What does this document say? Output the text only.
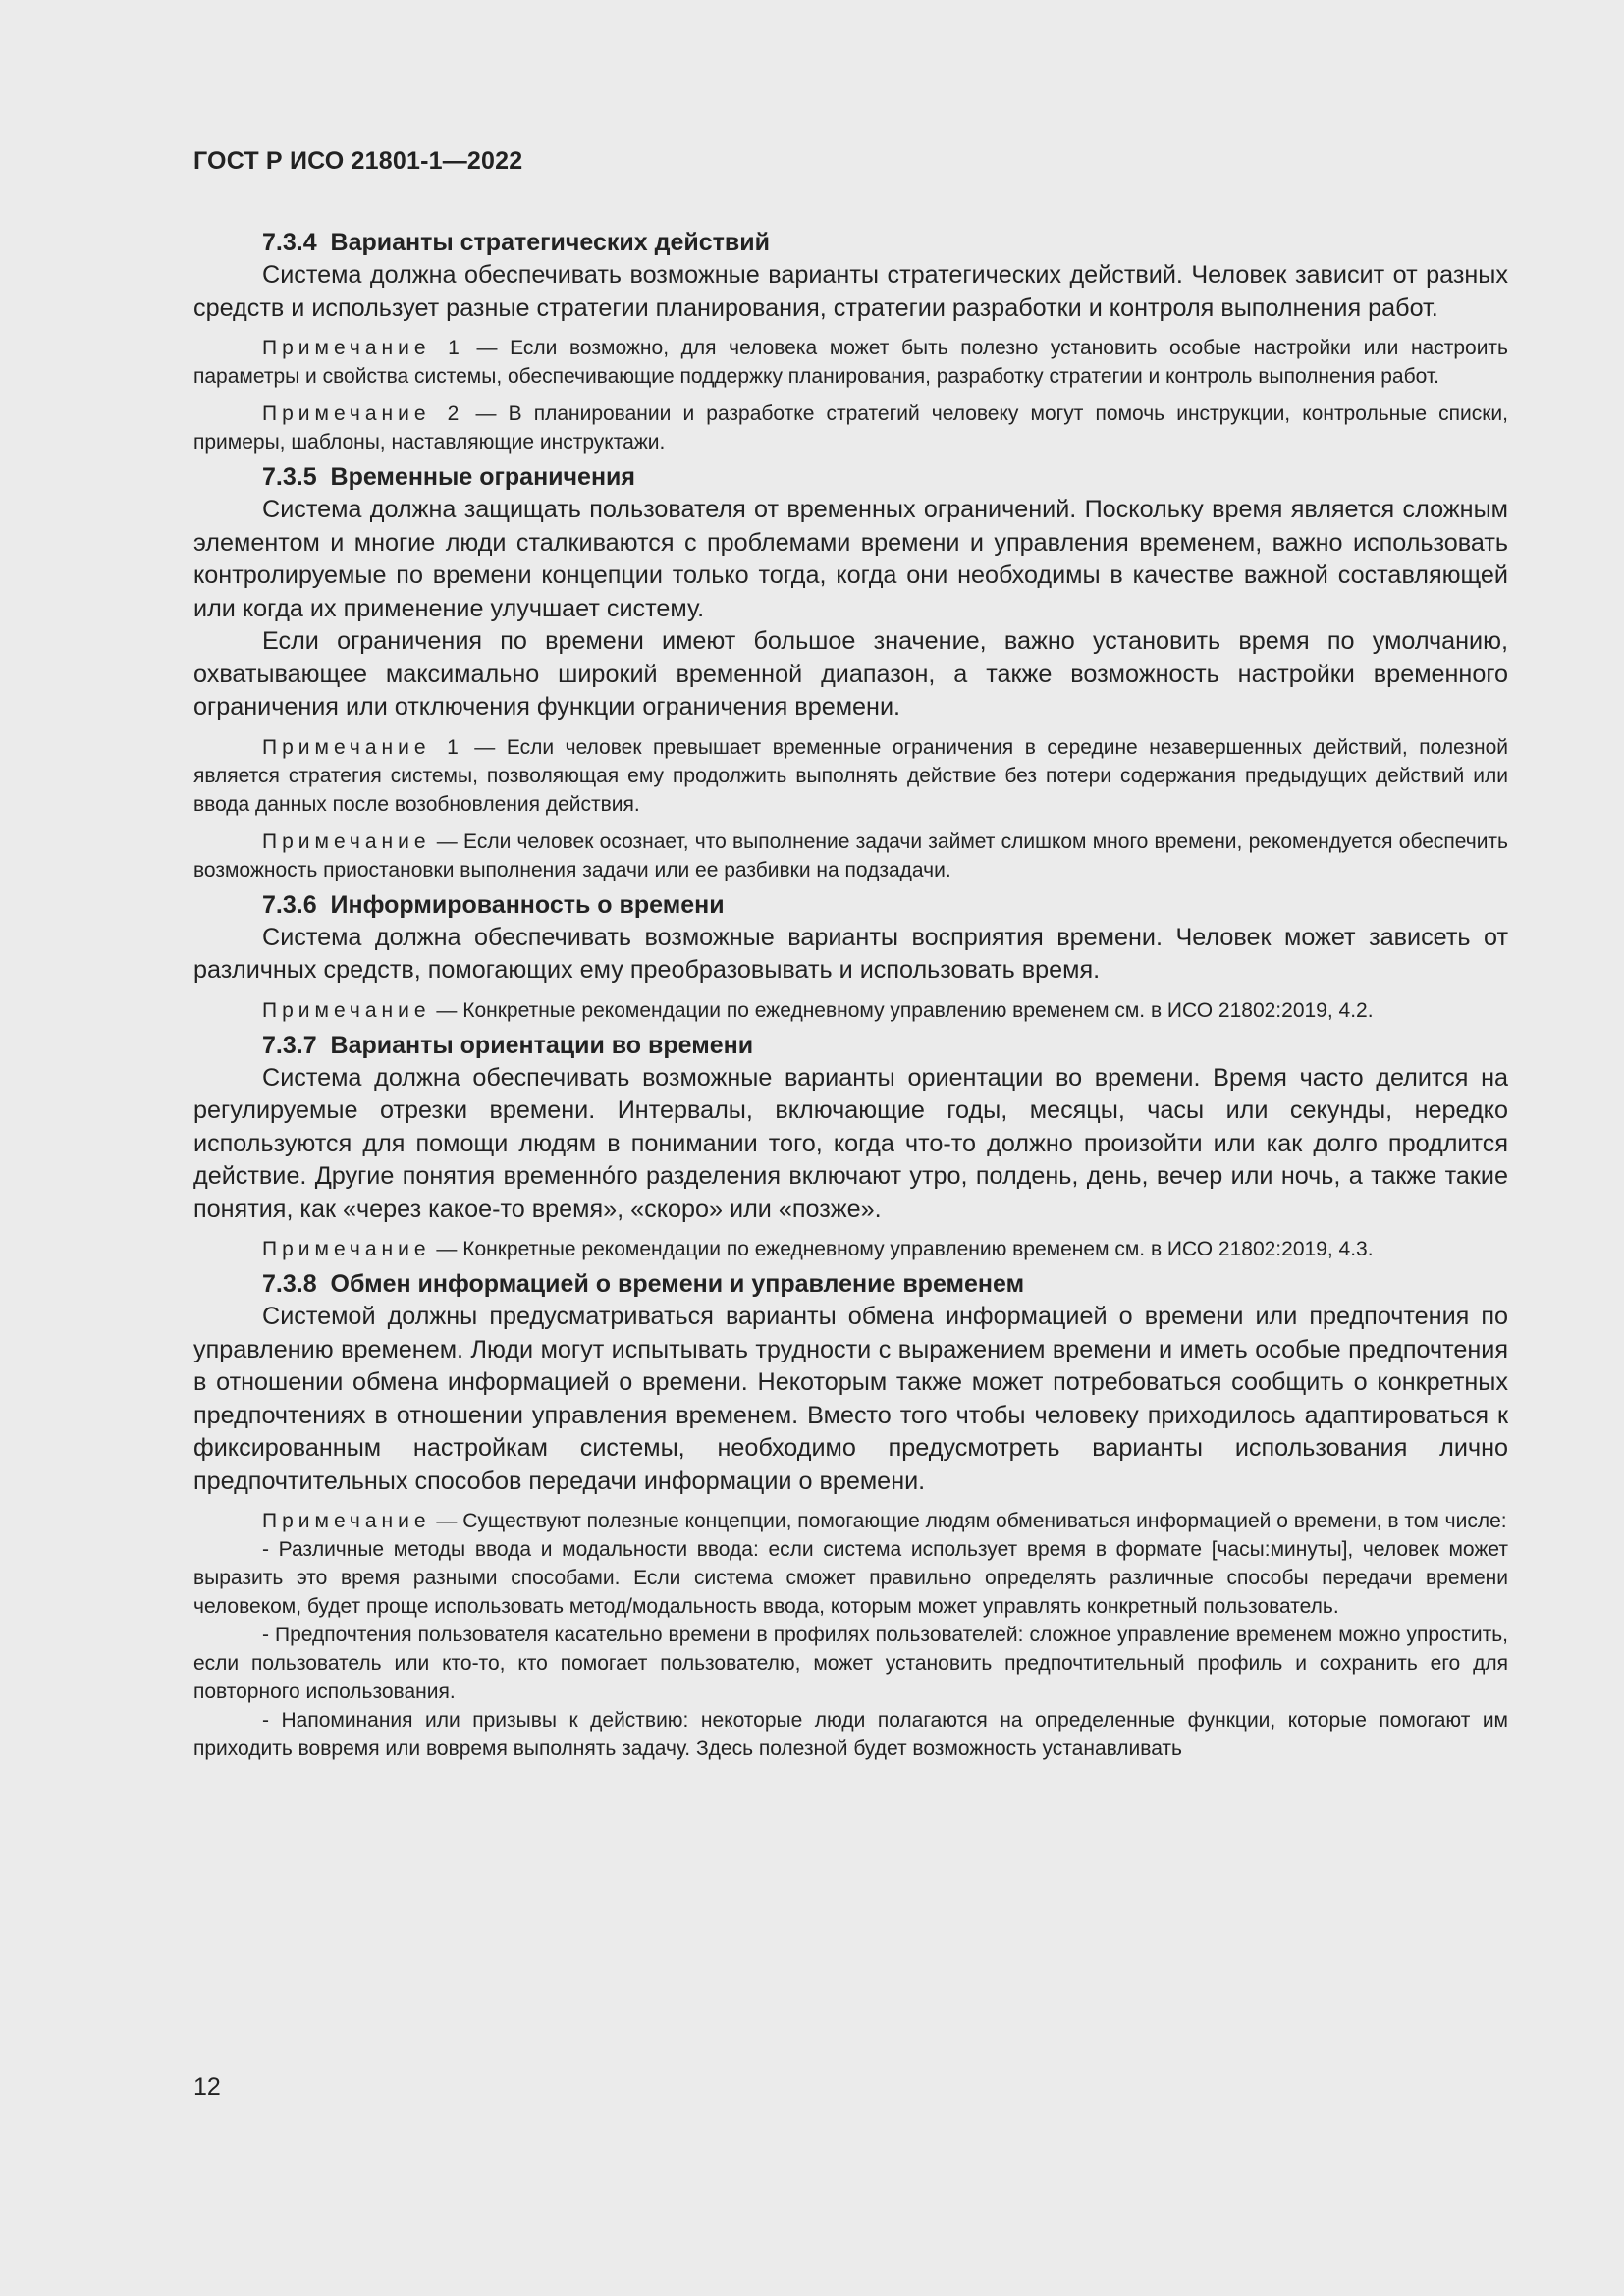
ГОСТ Р ИСО 21801-1—2022

7.3.4 Варианты стратегических действий

Система должна обеспечивать возможные варианты стратегических действий. Человек зависит от разных средств и использует разные стратегии планирования, стратегии разработки и контроля выполнения работ.

Примечание 1 — Если возможно, для человека может быть полезно установить особые настройки или настроить параметры и свойства системы, обеспечивающие поддержку планирования, разработку стратегии и контроль выполнения работ.

Примечание 2 — В планировании и разработке стратегий человеку могут помочь инструкции, контрольные списки, примеры, шаблоны, наставляющие инструктажи.

7.3.5 Временные ограничения

Система должна защищать пользователя от временных ограничений. Поскольку время является сложным элементом и многие люди сталкиваются с проблемами времени и управления временем, важно использовать контролируемые по времени концепции только тогда, когда они необходимы в качестве важной составляющей или когда их применение улучшает систему.

Если ограничения по времени имеют большое значение, важно установить время по умолчанию, охватывающее максимально широкий временной диапазон, а также возможность настройки временного ограничения или отключения функции ограничения времени.

Примечание 1 — Если человек превышает временные ограничения в середине незавершенных действий, полезной является стратегия системы, позволяющая ему продолжить выполнять действие без потери содержания предыдущих действий или ввода данных после возобновления действия.

Примечание — Если человек осознает, что выполнение задачи займет слишком много времени, рекомендуется обеспечить возможность приостановки выполнения задачи или ее разбивки на подзадачи.

7.3.6 Информированность о времени

Система должна обеспечивать возможные варианты восприятия времени. Человек может зависеть от различных средств, помогающих ему преобразовывать и использовать время.

Примечание — Конкретные рекомендации по ежедневному управлению временем см. в ИСО 21802:2019, 4.2.

7.3.7 Варианты ориентации во времени

Система должна обеспечивать возможные варианты ориентации во времени. Время часто делится на регулируемые отрезки времени. Интервалы, включающие годы, месяцы, часы или секунды, нередко используются для помощи людям в понимании того, когда что-то должно произойти или как долго продлится действие. Другие понятия временно́го разделения включают утро, полдень, день, вечер или ночь, а также такие понятия, как «через какое-то время», «скоро» или «позже».

Примечание — Конкретные рекомендации по ежедневному управлению временем см. в ИСО 21802:2019, 4.3.

7.3.8 Обмен информацией о времени и управление временем

Системой должны предусматриваться варианты обмена информацией о времени или предпочтения по управлению временем. Люди могут испытывать трудности с выражением времени и иметь особые предпочтения в отношении обмена информацией о времени. Некоторым также может потребоваться сообщить о конкретных предпочтениях в отношении управления временем. Вместо того чтобы человеку приходилось адаптироваться к фиксированным настройкам системы, необходимо предусмотреть варианты использования лично предпочтительных способов передачи информации о времени.

Примечание — Существуют полезные концепции, помогающие людям обмениваться информацией о времени, в том числе:

- Различные методы ввода и модальности ввода: если система использует время в формате [часы:минуты], человек может выразить это время разными способами. Если система сможет правильно определять различные способы передачи времени человеком, будет проще использовать метод/модальность ввода, которым может управлять конкретный пользователь.

- Предпочтения пользователя касательно времени в профилях пользователей: сложное управление временем можно упростить, если пользователь или кто-то, кто помогает пользователю, может установить предпочтительный профиль и сохранить его для повторного использования.

- Напоминания или призывы к действию: некоторые люди полагаются на определенные функции, которые помогают им приходить вовремя или вовремя выполнять задачу. Здесь полезной будет возможность устанавливать

12
